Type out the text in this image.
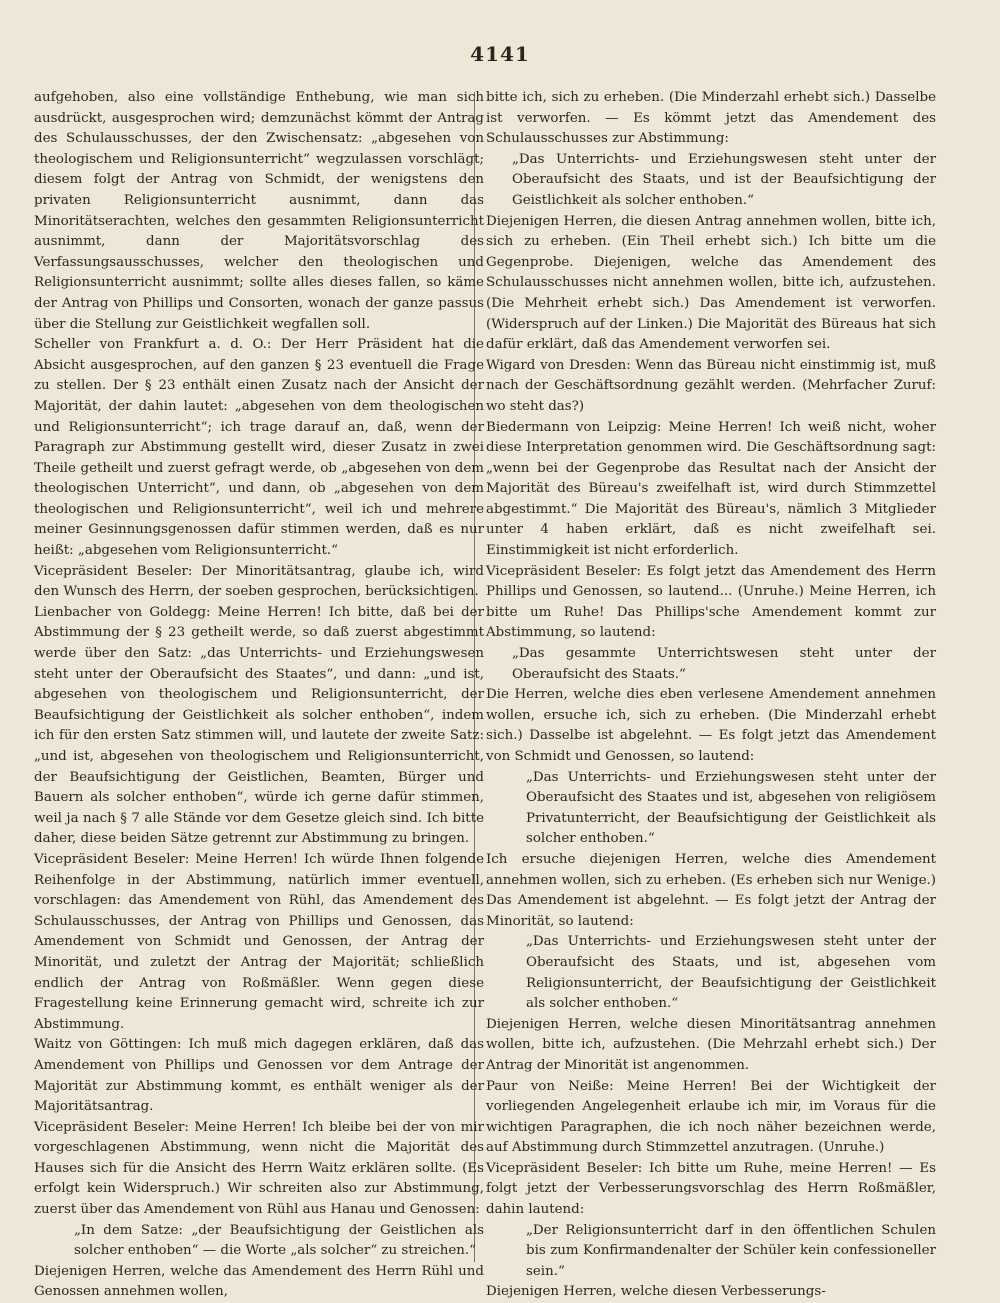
4141

aufgehoben, also eine vollständige Enthebung, wie man sich ausdrückt, ausgesprochen wird; demzunächst kömmt der Antrag des Schulausschusses, der den Zwischensatz: „abgesehen von theologischem und Religionsunterricht“ wegzulassen vorschlägt; diesem folgt der Antrag von Schmidt, der wenigstens den privaten Religionsunterricht ausnimmt, dann das Minoritätserachten, welches den gesammten Religionsunterricht ausnimmt, dann der Majoritätsvorschlag des Verfassungsausschusses, welcher den theologischen und Religionsunterricht ausnimmt; sollte alles dieses fallen, so käme der Antrag von Phillips und Consorten, wonach der ganze passus über die Stellung zur Geistlichkeit wegfallen soll.

Scheller von Frankfurt a. d. O.: Der Herr Präsident hat die Absicht ausgesprochen, auf den ganzen § 23 eventuell die Frage zu stellen. Der § 23 enthält einen Zusatz nach der Ansicht der Majorität, der dahin lautet: „abgesehen von dem theologischen und Religionsunterricht“; ich trage darauf an, daß, wenn der Paragraph zur Abstimmung gestellt wird, dieser Zusatz in zwei Theile getheilt und zuerst gefragt werde, ob „abgesehen von dem theologischen Unterricht“, und dann, ob „abgesehen von dem theologischen und Religionsunterricht“, weil ich und mehrere meiner Gesinnungsgenossen dafür stimmen werden, daß es nur heißt: „abgesehen vom Religionsunterricht.“

Vicepräsident Beseler: Der Minoritätsantrag, glaube ich, wird den Wunsch des Herrn, der soeben gesprochen, berücksichtigen.

Lienbacher von Goldegg: Meine Herren! Ich bitte, daß bei der Abstimmung der § 23 getheilt werde, so daß zuerst abgestimmt werde über den Satz: „das Unterrichts- und Erziehungswesen steht unter der Oberaufsicht des Staates“, und dann: „und ist, abgesehen von theologischem und Religionsunterricht, der Beaufsichtigung der Geistlichkeit als solcher enthoben“, indem ich für den ersten Satz stimmen will, und lautete der zweite Satz: „und ist, abgesehen von theologischem und Religionsunterricht, der Beaufsichtigung der Geistlichen, Beamten, Bürger und Bauern als solcher enthoben“, würde ich gerne dafür stimmen, weil ja nach § 7 alle Stände vor dem Gesetze gleich sind. Ich bitte daher, diese beiden Sätze getrennt zur Abstimmung zu bringen.

Vicepräsident Beseler: Meine Herren! Ich würde Ihnen folgende Reihenfolge in der Abstimmung, natürlich immer eventuell, vorschlagen: das Amendement von Rühl, das Amendement des Schulausschusses, der Antrag von Phillips und Genossen, das Amendement von Schmidt und Genossen, der Antrag der Minorität, und zuletzt der Antrag der Majorität; schließlich endlich der Antrag von Roßmäßler. Wenn gegen diese Fragestellung keine Erinnerung gemacht wird, schreite ich zur Abstimmung.

Waitz von Göttingen: Ich muß mich dagegen erklären, daß das Amendement von Phillips und Genossen vor dem Antrage der Majorität zur Abstimmung kommt, es enthält weniger als der Majoritätsantrag.

Vicepräsident Beseler: Meine Herren! Ich bleibe bei der von mir vorgeschlagenen Abstimmung, wenn nicht die Majorität des Hauses sich für die Ansicht des Herrn Waitz erklären sollte. (Es erfolgt kein Widerspruch.) Wir schreiten also zur Abstimmung, zuerst über das Amendement von Rühl aus Hanau und Genossen:

„In dem Satze: „der Beaufsichtigung der Geistlichen als solcher enthoben“ — die Worte „als solcher“ zu streichen.“

Diejenigen Herren, welche das Amendement des Herrn Rühl und Genossen annehmen wollen,

bitte ich, sich zu erheben. (Die Minderzahl erhebt sich.) Dasselbe ist verworfen. — Es kömmt jetzt das Amendement des Schulausschusses zur Abstimmung:

„Das Unterrichts- und Erziehungswesen steht unter der Oberaufsicht des Staats, und ist der Beaufsichtigung der Geistlichkeit als solcher enthoben.“

Diejenigen Herren, die diesen Antrag annehmen wollen, bitte ich, sich zu erheben. (Ein Theil erhebt sich.) Ich bitte um die Gegenprobe. Diejenigen, welche das Amendement des Schulausschusses nicht annehmen wollen, bitte ich, aufzustehen. (Die Mehrheit erhebt sich.) Das Amendement ist verworfen. (Widerspruch auf der Linken.) Die Majorität des Büreaus hat sich dafür erklärt, daß das Amendement verworfen sei.

Wigard von Dresden: Wenn das Büreau nicht einstimmig ist, muß nach der Geschäftsordnung gezählt werden. (Mehrfacher Zuruf: wo steht das?)

Biedermann von Leipzig: Meine Herren! Ich weiß nicht, woher diese Interpretation genommen wird. Die Geschäftsordnung sagt: „wenn bei der Gegenprobe das Resultat nach der Ansicht der Majorität des Büreau's zweifelhaft ist, wird durch Stimmzettel abgestimmt.“ Die Majorität des Büreau's, nämlich 3 Mitglieder unter 4 haben erklärt, daß es nicht zweifelhaft sei. Einstimmigkeit ist nicht erforderlich.

Vicepräsident Beseler: Es folgt jetzt das Amendement des Herrn Phillips und Genossen, so lautend... (Unruhe.) Meine Herren, ich bitte um Ruhe! Das Phillips'sche Amendement kommt zur Abstimmung, so lautend:

„Das gesammte Unterrichtswesen steht unter der Oberaufsicht des Staats.“

Die Herren, welche dies eben verlesene Amendement annehmen wollen, ersuche ich, sich zu erheben. (Die Minderzahl erhebt sich.) Dasselbe ist abgelehnt. — Es folgt jetzt das Amendement von Schmidt und Genossen, so lautend:

„Das Unterrichts- und Erziehungswesen steht unter der Oberaufsicht des Staates und ist, abgesehen von religiösem Privatunterricht, der Beaufsichtigung der Geistlichkeit als solcher enthoben.“

Ich ersuche diejenigen Herren, welche dies Amendement annehmen wollen, sich zu erheben. (Es erheben sich nur Wenige.) Das Amendement ist abgelehnt. — Es folgt jetzt der Antrag der Minorität, so lautend:

„Das Unterrichts- und Erziehungswesen steht unter der Oberaufsicht des Staats, und ist, abgesehen vom Religionsunterricht, der Beaufsichtigung der Geistlichkeit als solcher enthoben.“

Diejenigen Herren, welche diesen Minoritätsantrag annehmen wollen, bitte ich, aufzustehen. (Die Mehrzahl erhebt sich.) Der Antrag der Minorität ist angenommen.

Paur von Neiße: Meine Herren! Bei der Wichtigkeit der vorliegenden Angelegenheit erlaube ich mir, im Voraus für die wichtigen Paragraphen, die ich noch näher bezeichnen werde, auf Abstimmung durch Stimmzettel anzutragen. (Unruhe.)

Vicepräsident Beseler: Ich bitte um Ruhe, meine Herren! — Es folgt jetzt der Verbesserungsvorschlag des Herrn Roßmäßler, dahin lautend:

„Der Religionsunterricht darf in den öffentlichen Schulen bis zum Konfirmandenalter der Schüler kein confessioneller sein.“

Diejenigen Herren, welche diesen Verbesserungs-
